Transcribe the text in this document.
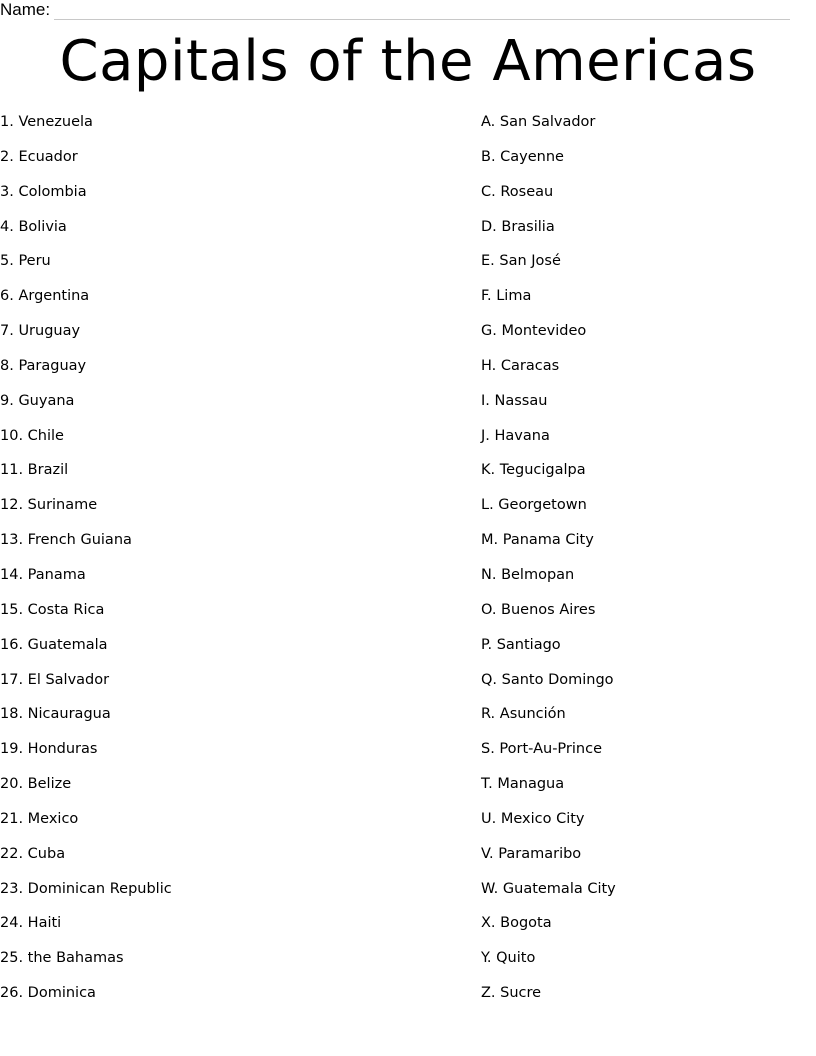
Name:
Capitals of the Americas
1. Venezuela
2. Ecuador
3. Colombia
4. Bolivia
5. Peru
6. Argentina
7. Uruguay
8. Paraguay
9. Guyana
10. Chile
11. Brazil
12. Suriname
13. French Guiana
14. Panama
15. Costa Rica
16. Guatemala
17. El Salvador
18. Nicauragua
19. Honduras
20. Belize
21. Mexico
22. Cuba
23. Dominican Republic
24. Haiti
25. the Bahamas
26. Dominica
A. San Salvador
B. Cayenne
C. Roseau
D. Brasilia
E. San José
F. Lima
G. Montevideo
H. Caracas
I. Nassau
J. Havana
K. Tegucigalpa
L. Georgetown
M. Panama City
N. Belmopan
O. Buenos Aires
P. Santiago
Q. Santo Domingo
R. Asunción
S. Port-Au-Prince
T. Managua
U. Mexico City
V. Paramaribo
W. Guatemala City
X. Bogota
Y. Quito
Z. Sucre
